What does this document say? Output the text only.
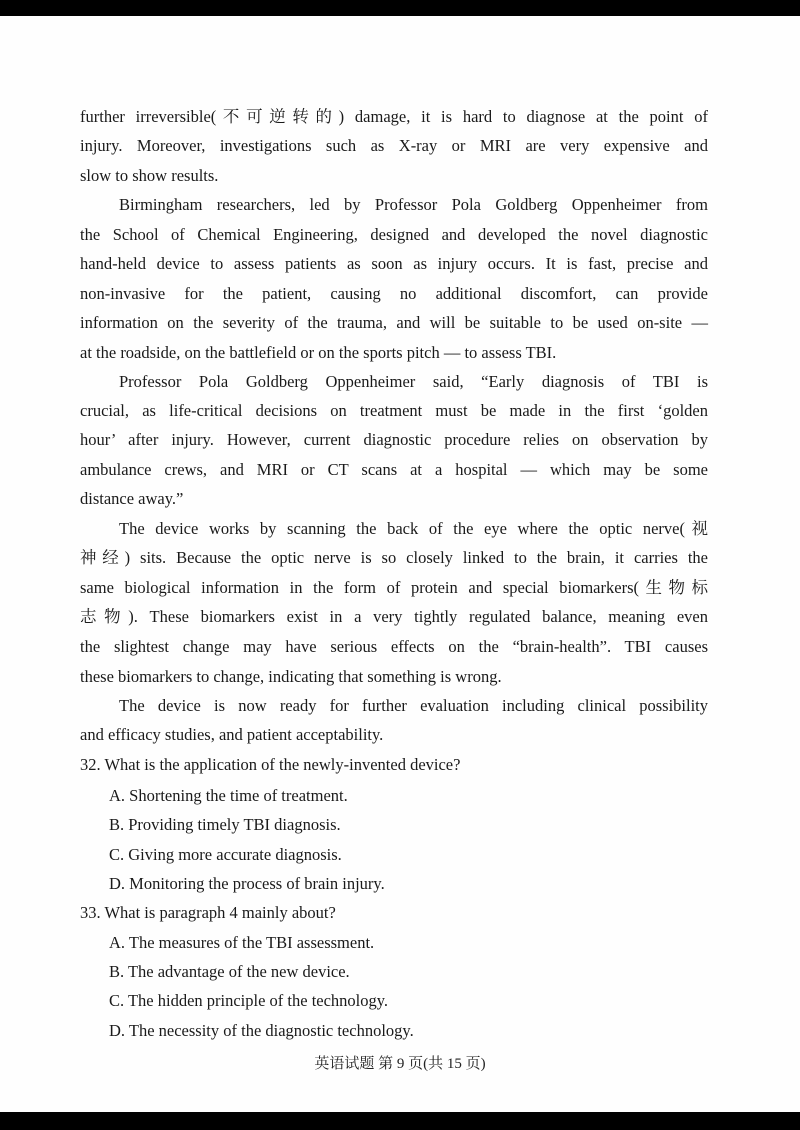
further irreversible(不可逆转的) damage, it is hard to diagnose at the point of
injury. Moreover, investigations such as X-ray or MRI are very expensive and
slow to show results.
Birmingham researchers, led by Professor Pola Goldberg Oppenheimer from
the School of Chemical Engineering, designed and developed the novel diagnostic
hand-held device to assess patients as soon as injury occurs. It is fast, precise and
non-invasive for the patient, causing no additional discomfort, can provide
information on the severity of the trauma, and will be suitable to be used on-site —
at the roadside, on the battlefield or on the sports pitch — to assess TBI.
Professor Pola Goldberg Oppenheimer said, “Early diagnosis of TBI is
crucial, as life-critical decisions on treatment must be made in the first ‘golden
hour’ after injury. However, current diagnostic procedure relies on observation by
ambulance crews, and MRI or CT scans at a hospital — which may be some
distance away.”
The device works by scanning the back of the eye where the optic nerve(视
神经) sits. Because the optic nerve is so closely linked to the brain, it carries the
same biological information in the form of protein and special biomarkers(生物标
志物). These biomarkers exist in a very tightly regulated balance, meaning even
the slightest change may have serious effects on the “brain-health”. TBI causes
these biomarkers to change, indicating that something is wrong.
The device is now ready for further evaluation including clinical possibility
and efficacy studies, and patient acceptability.
32. What is the application of the newly-invented device?
A. Shortening the time of treatment.
B. Providing timely TBI diagnosis.
C. Giving more accurate diagnosis.
D. Monitoring the process of brain injury.
33. What is paragraph 4 mainly about?
A. The measures of the TBI assessment.
B. The advantage of the new device.
C. The hidden principle of the technology.
D. The necessity of the diagnostic technology.
英语试题 第 9 页(共 15 页)
